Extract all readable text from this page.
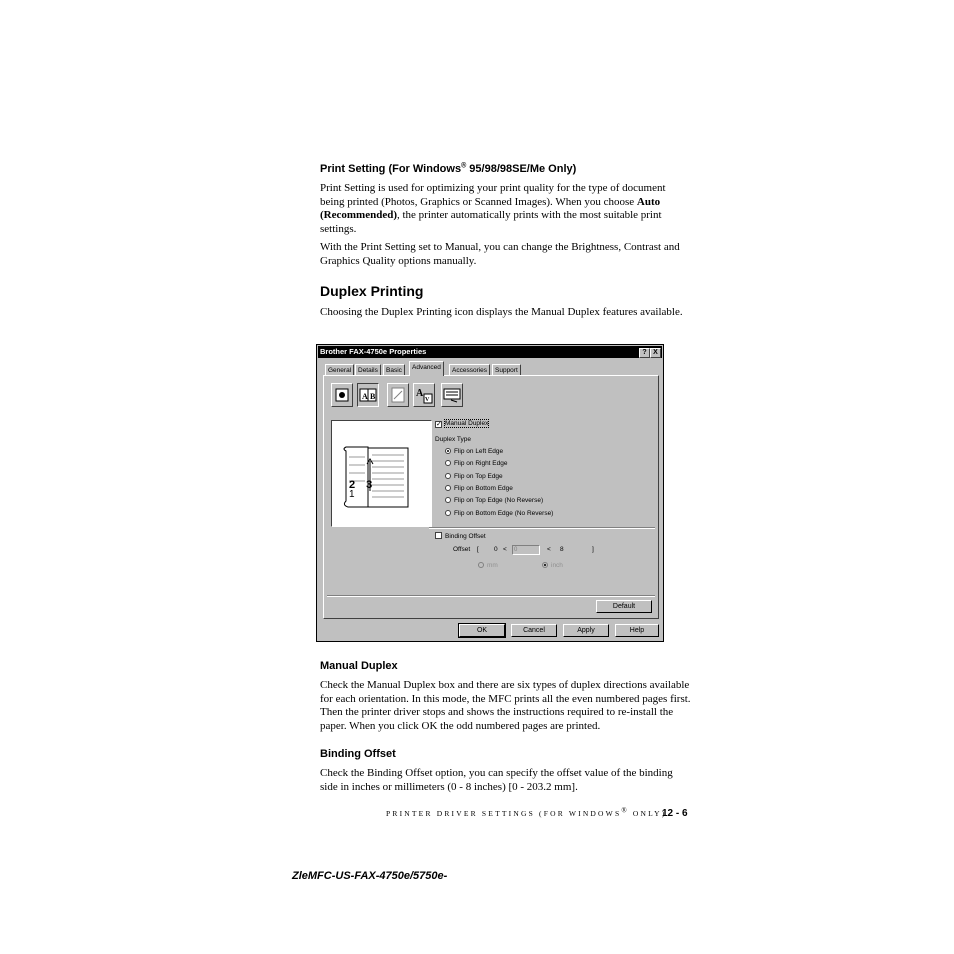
Print Setting (For Windows® 95/98/98SE/Me Only)
Print Setting is used for optimizing your print quality for the type of document being printed (Photos, Graphics or Scanned Images). When you choose Auto (Recommended), the printer automatically prints with the most suitable print settings.
With the Print Setting set to Manual, you can change the Brightness, Contrast and Graphics Quality options manually.
Duplex Printing
Choosing the Duplex Printing icon displays the Manual Duplex features available.
Brother FAX-4750e Properties	? X
General	Details	Basic	Advanced	Accessories	Support
A B	A
V
2 3
1
✓ Manual Duplex
Duplex Type
Flip on Left Edge
Flip on Right Edge
Flip on Top Edge
Flip on Bottom Edge
Flip on Top Edge (No Reverse)
Flip on Bottom Edge (No Reverse)
Binding Offset
Offset [ 0 <	0	< 8	]
mm	inch
Default
OK	Cancel	Apply	Help
Manual Duplex
Check the Manual Duplex box and there are six types of duplex directions available for each orientation. In this mode, the MFC prints all the even numbered pages first. Then the printer driver stops and shows the instructions required to re-install the paper. When you click OK the odd numbered pages are printed.
Binding Offset
Check the Binding Offset option, you can specify the offset value of the binding side in inches or millimeters (0 - 8 inches) [0 - 203.2 mm].
PRINTER DRIVER SETTINGS (FOR WINDOWS® ONLY)
12 - 6
ZleMFC-US-FAX-4750e/5750e-
